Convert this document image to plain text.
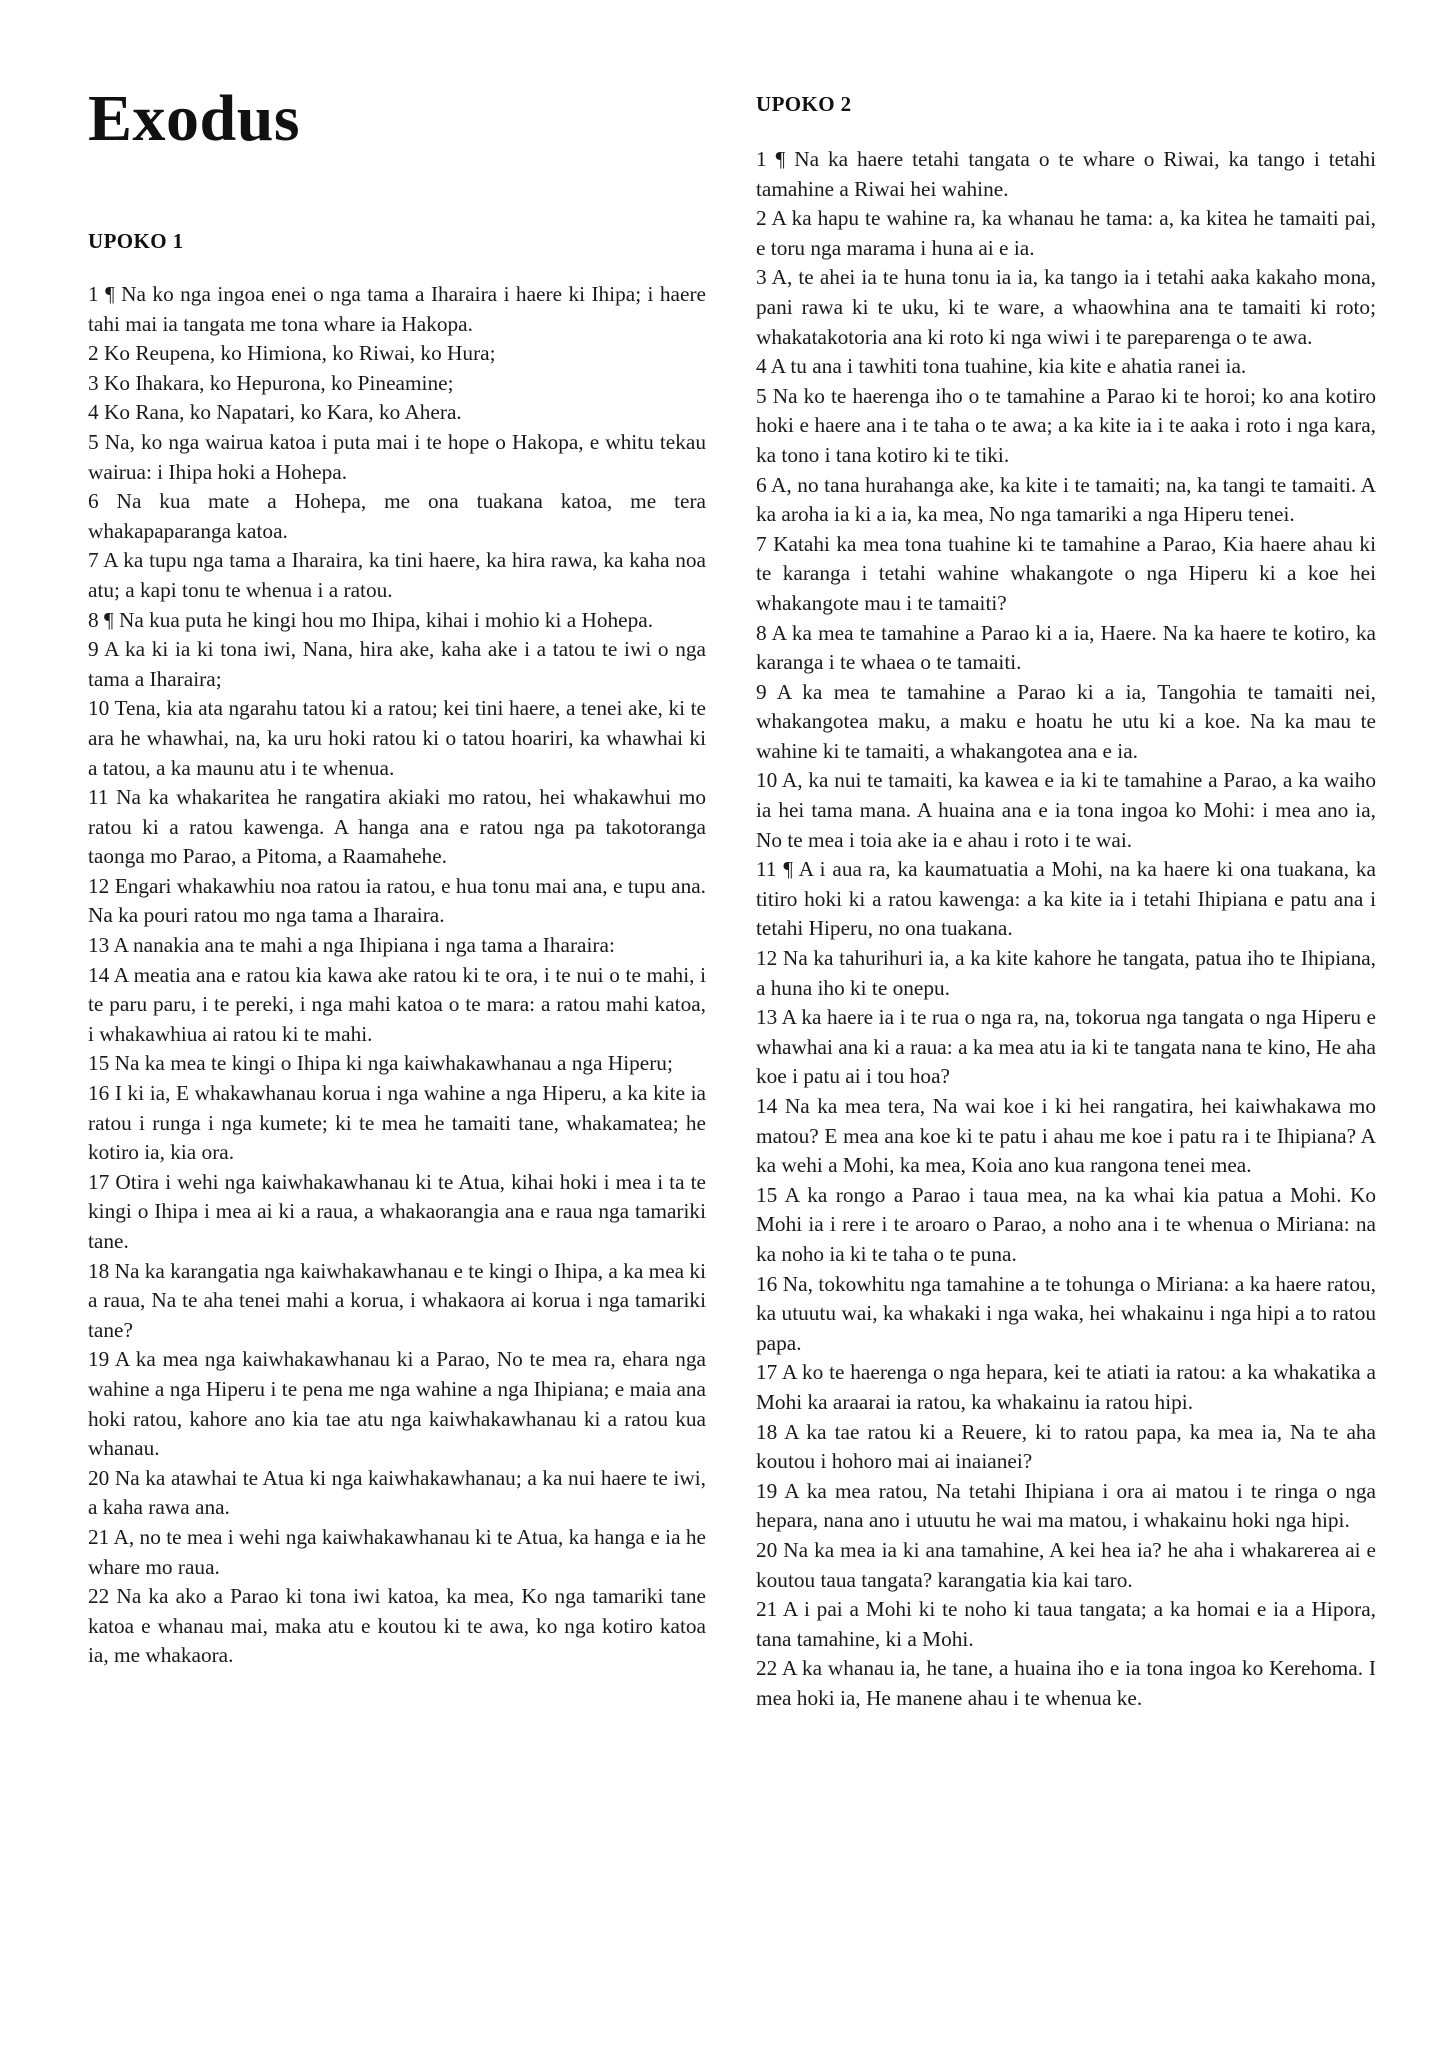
Exodus
UPOKO 1

1 ¶ Na ko nga ingoa enei o nga tama a Iharaira i haere ki Ihipa; i haere tahi mai ia tangata me tona whare ia Hakopa.

2 Ko Reupena, ko Himiona, ko Riwai, ko Hura;

3 Ko Ihakara, ko Hepurona, ko Pineamine;

4 Ko Rana, ko Napatari, ko Kara, ko Ahera.

5 Na, ko nga wairua katoa i puta mai i te hope o Hakopa, e whitu tekau wairua: i Ihipa hoki a Hohepa.

6 Na kua mate a Hohepa, me ona tuakana katoa, me tera whakapaparanga katoa.

7 A ka tupu nga tama a Iharaira, ka tini haere, ka hira rawa, ka kaha noa atu; a kapi tonu te whenua i a ratou.

8 ¶ Na kua puta he kingi hou mo Ihipa, kihai i mohio ki a Hohepa.

9 A ka ki ia ki tona iwi, Nana, hira ake, kaha ake i a tatou te iwi o nga tama a Iharaira;

10 Tena, kia ata ngarahu tatou ki a ratou; kei tini haere, a tenei ake, ki te ara he whawhai, na, ka uru hoki ratou ki o tatou hoariri, ka whawhai ki a tatou, a ka maunu atu i te whenua.

11 Na ka whakaritea he rangatira akiaki mo ratou, hei whakawhui mo ratou ki a ratou kawenga. A hanga ana e ratou nga pa takotoranga taonga mo Parao, a Pitoma, a Raamahehe.

12 Engari whakawhiu noa ratou ia ratou, e hua tonu mai ana, e tupu ana. Na ka pouri ratou mo nga tama a Iharaira.

13 A nanakia ana te mahi a nga Ihipiana i nga tama a Iharaira:

14 A meatia ana e ratou kia kawa ake ratou ki te ora, i te nui o te mahi, i te paru paru, i te pereki, i nga mahi katoa o te mara: a ratou mahi katoa, i whakawhiua ai ratou ki te mahi.

15 Na ka mea te kingi o Ihipa ki nga kaiwhakawhanau a nga Hiperu;

16 I ki ia, E whakawhanau korua i nga wahine a nga Hiperu, a ka kite ia ratou i runga i nga kumete; ki te mea he tamaiti tane, whakamatea; he kotiro ia, kia ora.

17 Otira i wehi nga kaiwhakawhanau ki te Atua, kihai hoki i mea i ta te kingi o Ihipa i mea ai ki a raua, a whakaorangia ana e raua nga tamariki tane.

18 Na ka karangatia nga kaiwhakawhanau e te kingi o Ihipa, a ka mea ki a raua, Na te aha tenei mahi a korua, i whakaora ai korua i nga tamariki tane?

19 A ka mea nga kaiwhakawhanau ki a Parao, No te mea ra, ehara nga wahine a nga Hiperu i te pena me nga wahine a nga Ihipiana; e maia ana hoki ratou, kahore ano kia tae atu nga kaiwhakawhanau ki a ratou kua whanau.

20 Na ka atawhai te Atua ki nga kaiwhakawhanau; a ka nui haere te iwi, a kaha rawa ana.

21 A, no te mea i wehi nga kaiwhakawhanau ki te Atua, ka hanga e ia he whare mo raua.

22 Na ka ako a Parao ki tona iwi katoa, ka mea, Ko nga tamariki tane katoa e whanau mai, maka atu e koutou ki te awa, ko nga kotiro katoa ia, me whakaora.

UPOKO 2

1 ¶ Na ka haere tetahi tangata o te whare o Riwai, ka tango i tetahi tamahine a Riwai hei wahine.

2 A ka hapu te wahine ra, ka whanau he tama: a, ka kitea he tamaiti pai, e toru nga marama i huna ai e ia.

3 A, te ahei ia te huna tonu ia ia, ka tango ia i tetahi aaka kakaho mona, pani rawa ki te uku, ki te ware, a whaowhina ana te tamaiti ki roto; whakatakotoria ana ki roto ki nga wiwi i te pareparenga o te awa.

4 A tu ana i tawhiti tona tuahine, kia kite e ahatia ranei ia.

5 Na ko te haerenga iho o te tamahine a Parao ki te horoi; ko ana kotiro hoki e haere ana i te taha o te awa; a ka kite ia i te aaka i roto i nga kara, ka tono i tana kotiro ki te tiki.

6 A, no tana hurahanga ake, ka kite i te tamaiti; na, ka tangi te tamaiti. A ka aroha ia ki a ia, ka mea, No nga tamariki a nga Hiperu tenei.

7 Katahi ka mea tona tuahine ki te tamahine a Parao, Kia haere ahau ki te karanga i tetahi wahine whakangote o nga Hiperu ki a koe hei whakangote mau i te tamaiti?

8 A ka mea te tamahine a Parao ki a ia, Haere. Na ka haere te kotiro, ka karanga i te whaea o te tamaiti.

9 A ka mea te tamahine a Parao ki a ia, Tangohia te tamaiti nei, whakangotea maku, a maku e hoatu he utu ki a koe. Na ka mau te wahine ki te tamaiti, a whakangotea ana e ia.

10 A, ka nui te tamaiti, ka kawea e ia ki te tamahine a Parao, a ka waiho ia hei tama mana. A huaina ana e ia tona ingoa ko Mohi: i mea ano ia, No te mea i toia ake ia e ahau i roto i te wai.

11 ¶ A i aua ra, ka kaumatuatia a Mohi, na ka haere ki ona tuakana, ka titiro hoki ki a ratou kawenga: a ka kite ia i tetahi Ihipiana e patu ana i tetahi Hiperu, no ona tuakana.

12 Na ka tahurihuri ia, a ka kite kahore he tangata, patua iho te Ihipiana, a huna iho ki te onepu.

13 A ka haere ia i te rua o nga ra, na, tokorua nga tangata o nga Hiperu e whawhai ana ki a raua: a ka mea atu ia ki te tangata nana te kino, He aha koe i patu ai i tou hoa?

14 Na ka mea tera, Na wai koe i ki hei rangatira, hei kaiwhakawa mo matou? E mea ana koe ki te patu i ahau me koe i patu ra i te Ihipiana? A ka wehi a Mohi, ka mea, Koia ano kua rangona tenei mea.

15 A ka rongo a Parao i taua mea, na ka whai kia patua a Mohi. Ko Mohi ia i rere i te aroaro o Parao, a noho ana i te whenua o Miriana: na ka noho ia ki te taha o te puna.

16 Na, tokowhitu nga tamahine a te tohunga o Miriana: a ka haere ratou, ka utuutu wai, ka whakaki i nga waka, hei whakainu i nga hipi a to ratou papa.

17 A ko te haerenga o nga hepara, kei te atiati ia ratou: a ka whakatika a Mohi ka araarai ia ratou, ka whakainu ia ratou hipi.

18 A ka tae ratou ki a Reuere, ki to ratou papa, ka mea ia, Na te aha koutou i hohoro mai ai inaianei?

19 A ka mea ratou, Na tetahi Ihipiana i ora ai matou i te ringa o nga hepara, nana ano i utuutu he wai ma matou, i whakainu hoki nga hipi.

20 Na ka mea ia ki ana tamahine, A kei hea ia? he aha i whakarerea ai e koutou taua tangata? karangatia kia kai taro.

21 A i pai a Mohi ki te noho ki taua tangata; a ka homai e ia a Hipora, tana tamahine, ki a Mohi.

22 A ka whanau ia, he tane, a huaina iho e ia tona ingoa ko Kerehoma. I mea hoki ia, He manene ahau i te whenua ke.
